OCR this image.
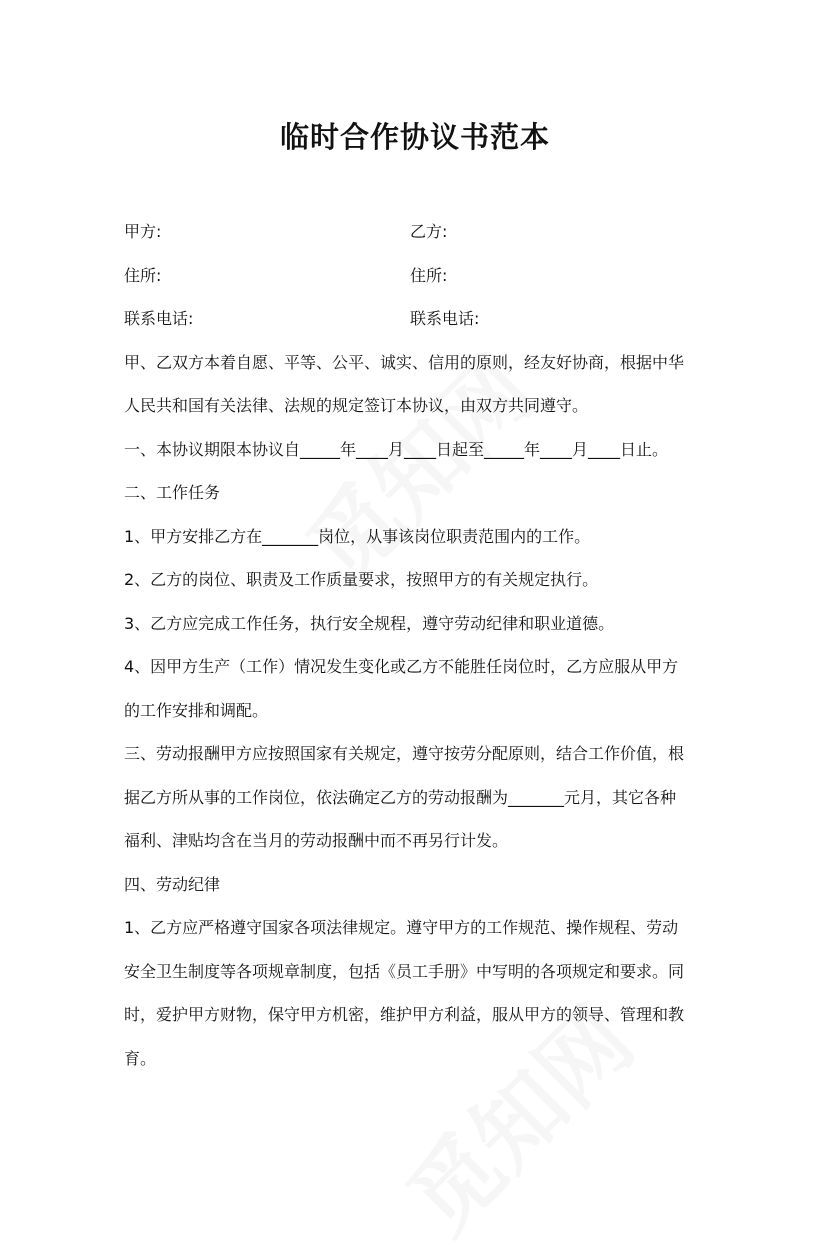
临时合作协议书范本
甲方:	乙方:
住所:	住所:
联系电话:	联系电话:
甲、乙双方本着自愿、平等、公平、诚实、信用的原则，经友好协商，根据中华
人民共和国有关法律、法规的规定签订本协议，由双方共同遵守。
一、本协议期限本协议自_____年____月____日起至_____年____月____日止。
二、工作任务
1、甲方安排乙方在_______岗位，从事该岗位职责范围内的工作。
2、乙方的岗位、职责及工作质量要求，按照甲方的有关规定执行。
3、乙方应完成工作任务，执行安全规程，遵守劳动纪律和职业道德。
4、因甲方生产（工作）情况发生变化或乙方不能胜任岗位时，乙方应服从甲方
的工作安排和调配。
三、劳动报酬甲方应按照国家有关规定，遵守按劳分配原则，结合工作价值，根
据乙方所从事的工作岗位，依法确定乙方的劳动报酬为_______元月，其它各种
福利、津贴均含在当月的劳动报酬中而不再另行计发。
四、劳动纪律
1、乙方应严格遵守国家各项法律规定。遵守甲方的工作规范、操作规程、劳动
安全卫生制度等各项规章制度，包括《员工手册》中写明的各项规定和要求。同
时，爱护甲方财物，保守甲方机密，维护甲方利益，服从甲方的领导、管理和教
育。
